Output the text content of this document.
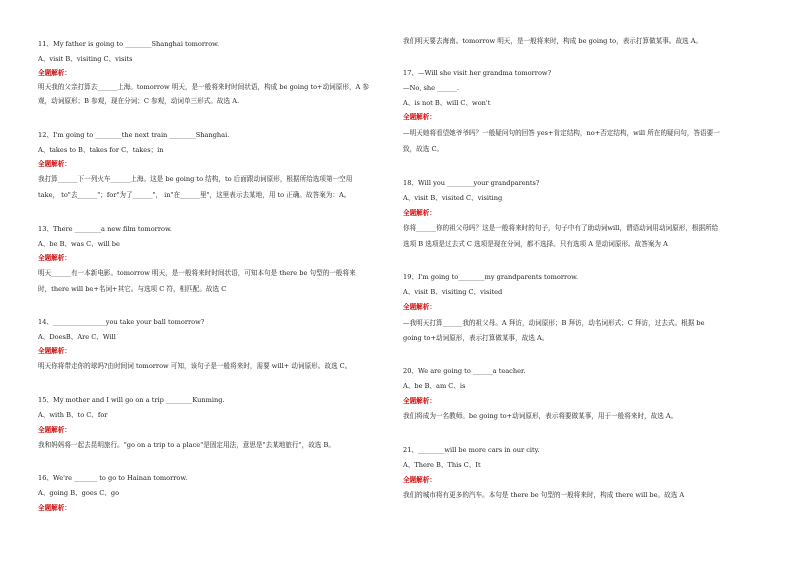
11、My father is going to ________Shanghai tomorrow.
A、visit B、visiting C、visits
全题解析：
明天我的父亲打算去______上海。tomorrow 明天，是一般将来时时间状语，构成 be going to+动词原形，A 参
观，动词原形；B 参观，现在分词；C 参观，动词单三形式。故选 A.
12、I'm going to ________the next train ________Shanghai.
A、takes to B、takes for C、takes；in
全题解析：
我打算______下一列火车______上海。这是 be going to 结构，to 后面跟动词原形，根据所给选项第一空用
take， to"去______"；for"为了______"， in"在______里"，这里表示去某地，用 to 正确。故答案为：A。
13、There ________a new film tomorrow.
A、be B、was C、will be
全题解析：
明天______有一本新电影。tomorrow 明天，是一般将来时时间状语，可知本句是 there be 句型的一般将来
时，there will be+名词+其它。与选项 C 符，相匹配。故选 C
14、________________you take your ball tomorrow?
A、DoesB、Are C、Will
全题解析：
明天你将带走你的球吗?由时间词 tomorrow 可知，该句子是一般将来时，需要 will+ 动词原形。故选 C。
15、My mother and I will go on a trip ________Kunming.
A、with B、to C、for
全题解析：
我和妈妈将一起去昆明旅行。"go on a trip to a place"是固定用法，意思是"去某地旅行"，故选 B。
16、We're _______ to go to Hainan tomorrow.
A、going B、goes C、go
全题解析：
我们明天要去海南。tomorrow 明天，是一般将来时，构成 be going to，表示打算做某事。故选 A。
17、—Will she visit her grandma tomorrow?
—No, she ______.
A、is not B、will C、won't
全题解析：
—明天她将看望她爷爷吗？一般疑问句的回答 yes+肯定结构，no+否定结构，will 所在的疑问句，答语要一
致，故选 C。
18、Will you ________your grandparents?
A、visit B、visited C、visiting
全题解析：
你将______你的祖父母吗？这是一般将来时的句子，句子中有了助动词will，谓语动词用动词原形，根据所给
选项 B 选项是过去式 C 选项是现在分词，都不选择。只有选项 A 是动词原形。故答案为 A
19、I'm going to________my grandparents tomorrow.
A、visit B、visiting C、visited
全题解析：
—我明天打算______我的祖父母。A 拜访，动词原形；B 拜访，动名词形式；C 拜访，过去式。根据 be
going to+动词原形，表示打算做某事，故选 A。
20、We are going to ______a teacher.
A、be B、am C、is
全题解析：
我们将成为一名教师。be going to+动词原形，表示将要做某事，用于一般将来时，故选 A。
21、________will be more cars in our city.
A、There B、This C、It
全题解析：
我们的城市将有更多的汽车。本句是 there be 句型的一般将来时，构成 there will be。故选 A
